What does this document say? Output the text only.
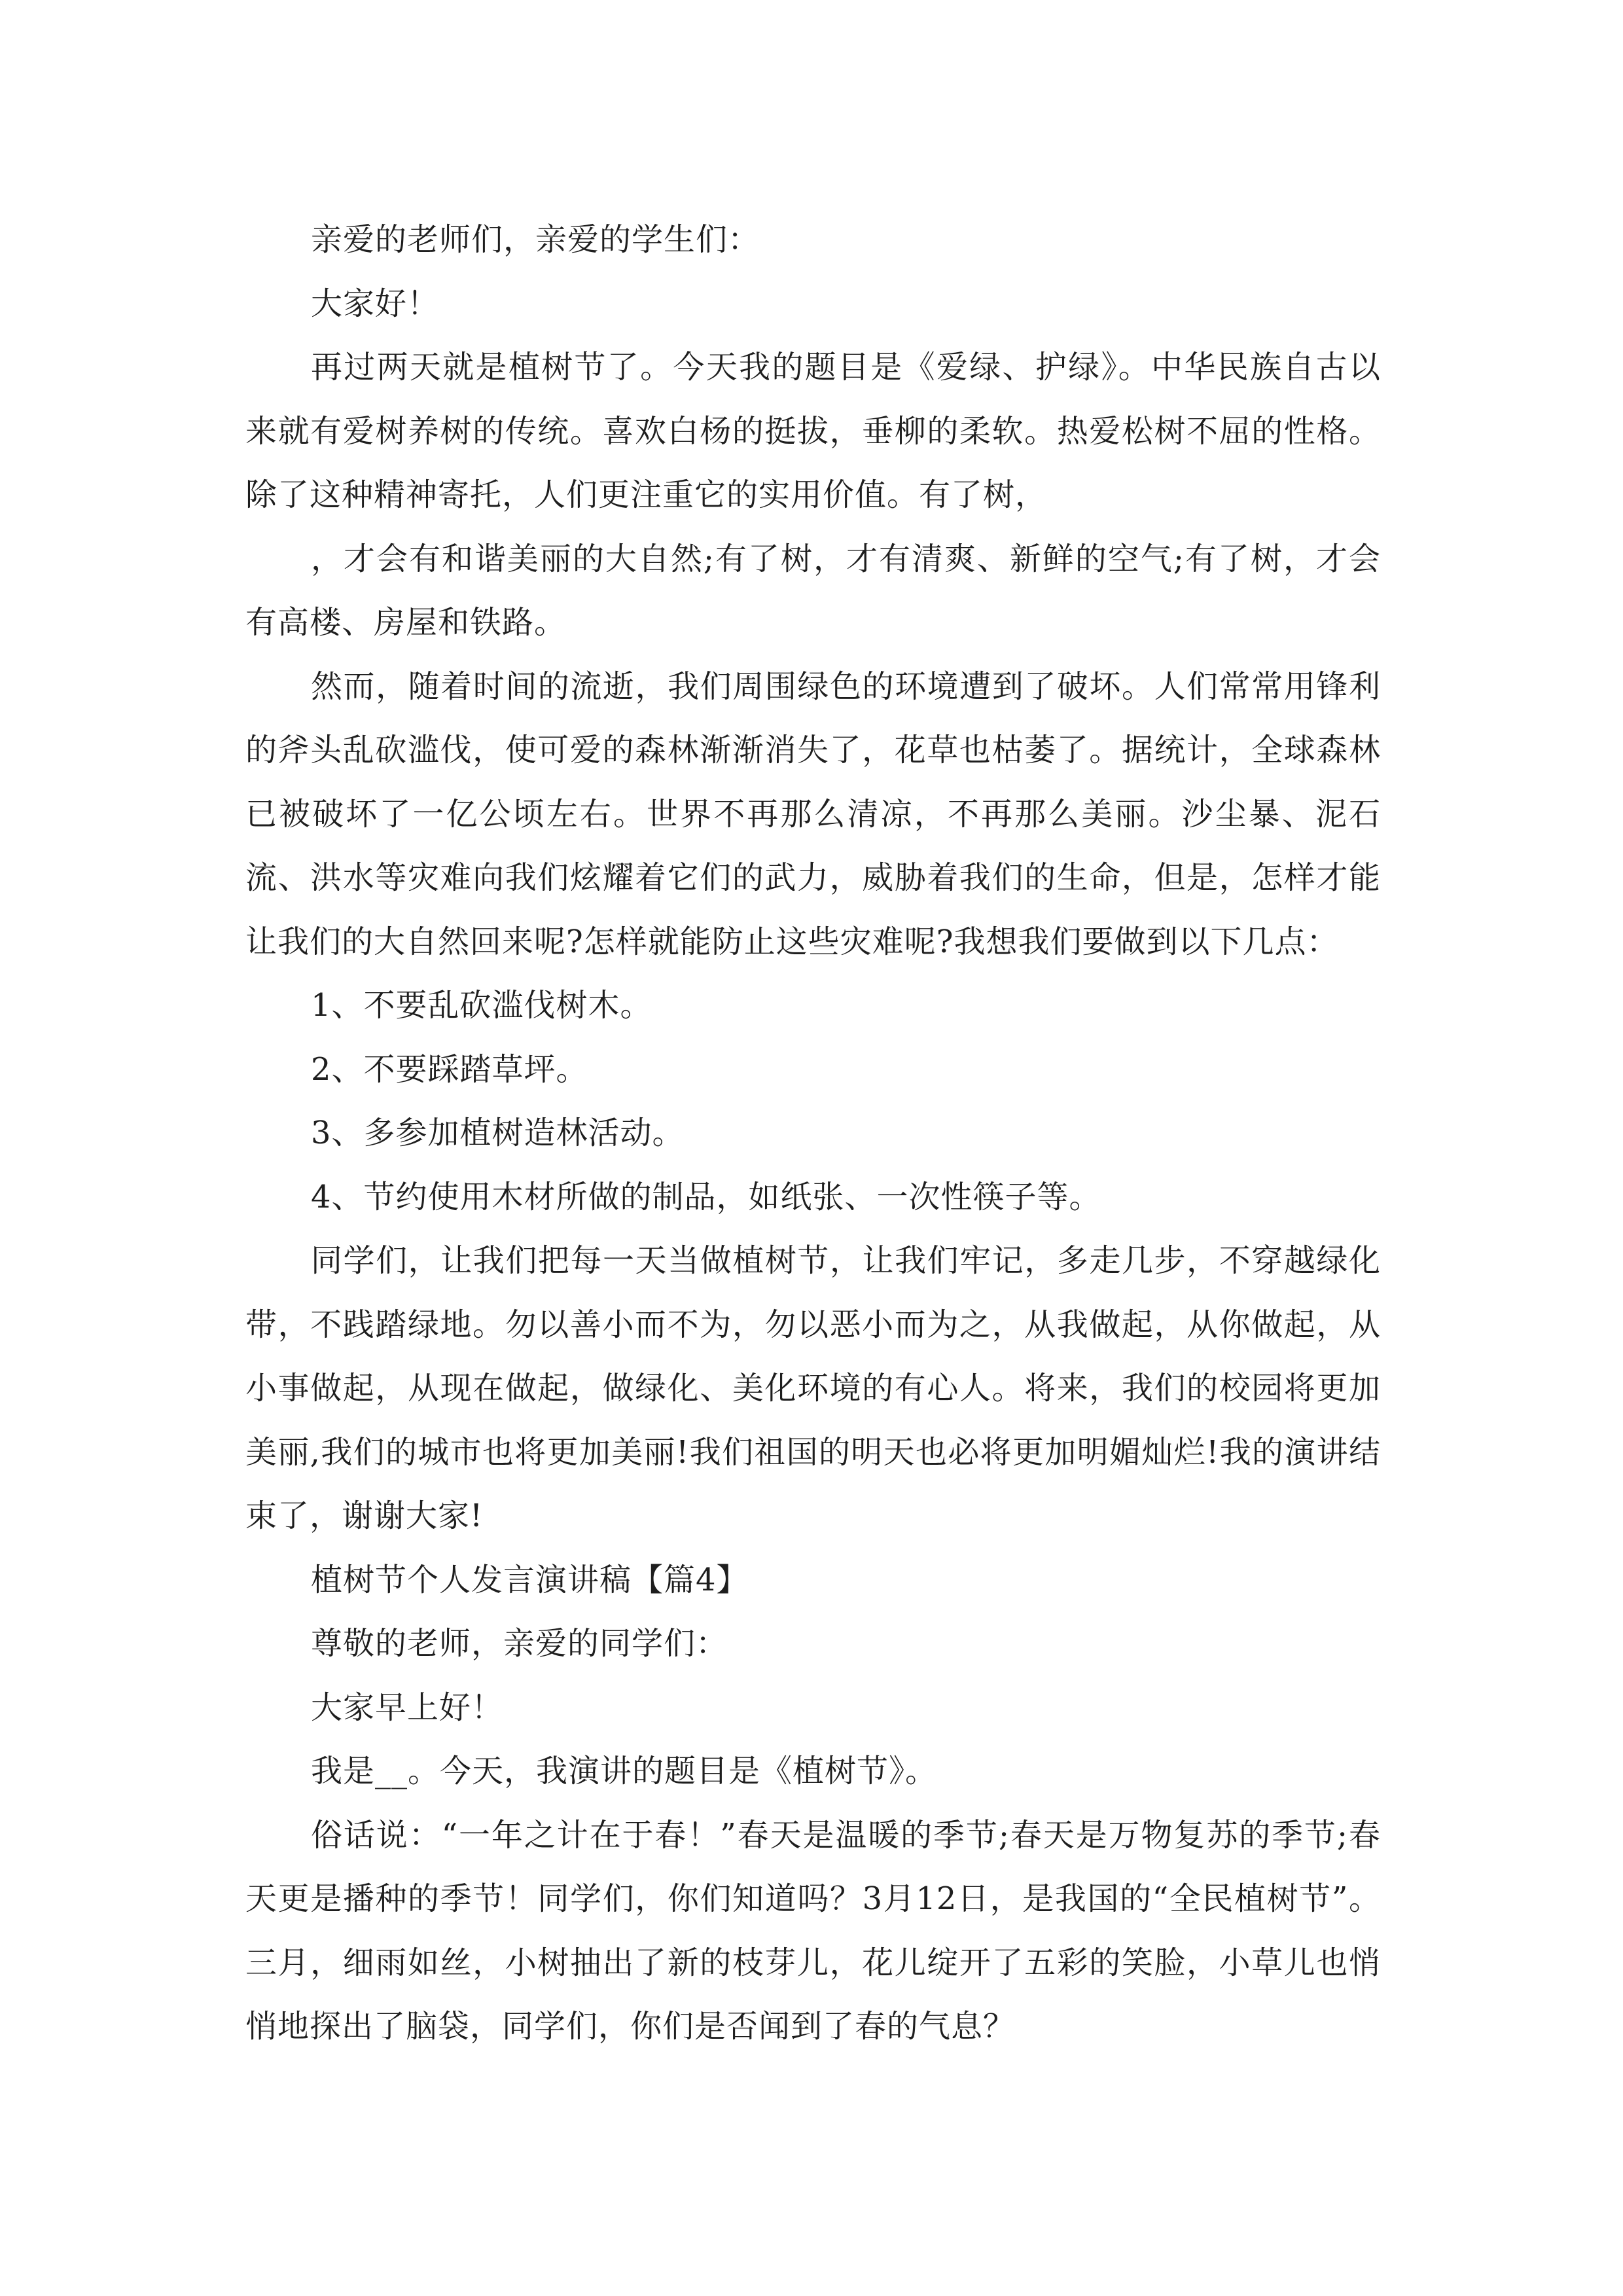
亲爱的老师们，亲爱的学生们：

大家好！

再过两天就是植树节了。今天我的题目是《爱绿、护绿》。中华民族自古以来就有爱树养树的传统。喜欢白杨的挺拔，垂柳的柔软。热爱松树不屈的性格。除了这种精神寄托，人们更注重它的实用价值。有了树，

，才会有和谐美丽的大自然;有了树，才有清爽、新鲜的空气;有了树，才会有高楼、房屋和铁路。

然而，随着时间的流逝，我们周围绿色的环境遭到了破坏。人们常常用锋利的斧头乱砍滥伐，使可爱的森林渐渐消失了，花草也枯萎了。据统计，全球森林已被破坏了一亿公顷左右。世界不再那么清凉，不再那么美丽。沙尘暴、泥石流、洪水等灾难向我们炫耀着它们的武力，威胁着我们的生命，但是，怎样才能让我们的大自然回来呢?怎样就能防止这些灾难呢?我想我们要做到以下几点：

1、不要乱砍滥伐树木。

2、不要踩踏草坪。

3、多参加植树造林活动。

4、节约使用木材所做的制品，如纸张、一次性筷子等。

同学们，让我们把每一天当做植树节，让我们牢记，多走几步，不穿越绿化带，不践踏绿地。勿以善小而不为，勿以恶小而为之，从我做起，从你做起，从小事做起，从现在做起，做绿化、美化环境的有心人。将来，我们的校园将更加美丽,我们的城市也将更加美丽!我们祖国的明天也必将更加明媚灿烂!我的演讲结束了，谢谢大家!

植树节个人发言演讲稿【篇4】

尊敬的老师，亲爱的同学们：

大家早上好！

我是__。今天，我演讲的题目是《植树节》。

俗话说：“一年之计在于春！”春天是温暖的季节;春天是万物复苏的季节;春天更是播种的季节！同学们，你们知道吗？3月12日，是我国的“全民植树节”。三月，细雨如丝，小树抽出了新的枝芽儿，花儿绽开了五彩的笑脸，小草儿也悄悄地探出了脑袋，同学们，你们是否闻到了春的气息？
